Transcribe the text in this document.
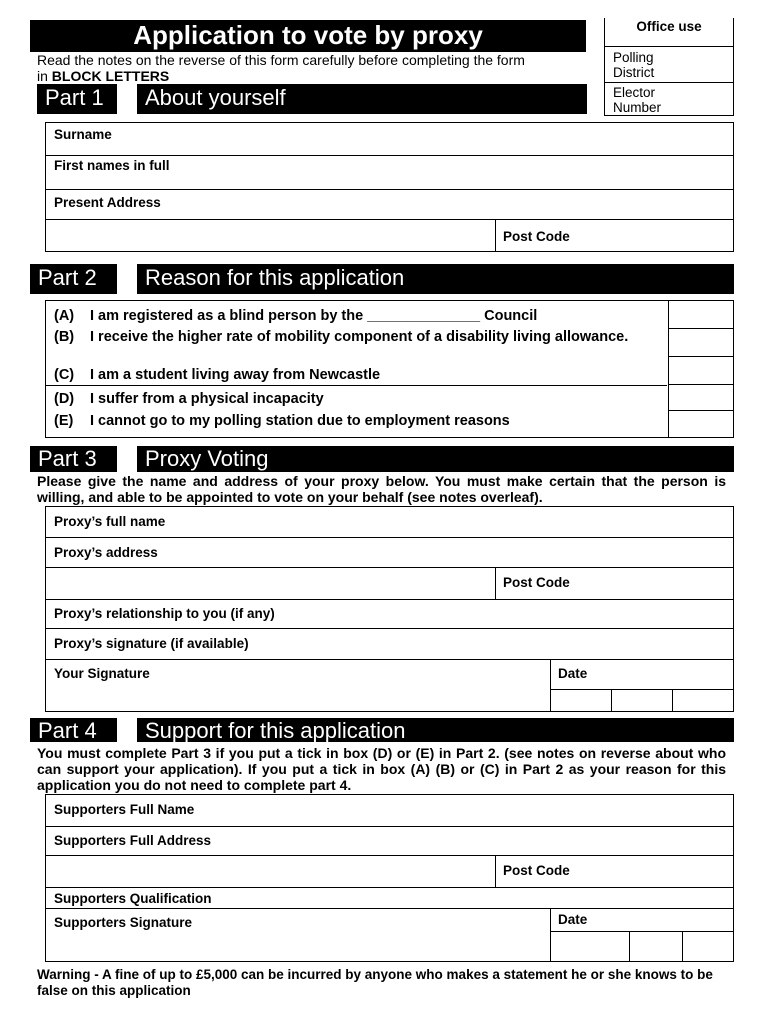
Application to vote by proxy
Read the notes on the reverse of this form carefully before completing the form
in BLOCK LETTERS
Office use
Polling
District
Elector
Number
Part 1	About yourself
Surname
First names in full
Present Address
Post Code
Part 2	Reason for this application
(A) I am registered as a blind person by the ______________ Council
(B) I receive the higher rate of mobility component of a disability living allowance.
(C) I am a student living away from Newcastle
(D) I suffer from a physical incapacity
(E) I cannot go to my polling station due to employment reasons
Part 3	Proxy Voting
Please give the name and address of your proxy below. You must make certain that the person is willing, and able to be appointed to vote on your behalf (see notes overleaf).
Proxy’s full name
Proxy’s address
Post Code
Proxy’s relationship to you (if any)
Proxy’s signature (if available)
Your Signature	Date
Part 4	Support for this application
You must complete Part 3 if you put a tick in box (D) or (E) in Part 2. (see notes on reverse about who can support your application). If you put a tick in box (A) (B) or (C) in Part 2 as your reason for this application you do not need to complete part 4.
Supporters Full Name
Supporters Full Address
Post Code
Supporters Qualification
Supporters Signature	Date
Warning - A fine of up to £5,000 can be incurred by anyone who makes a statement he or she knows to be false on this application
